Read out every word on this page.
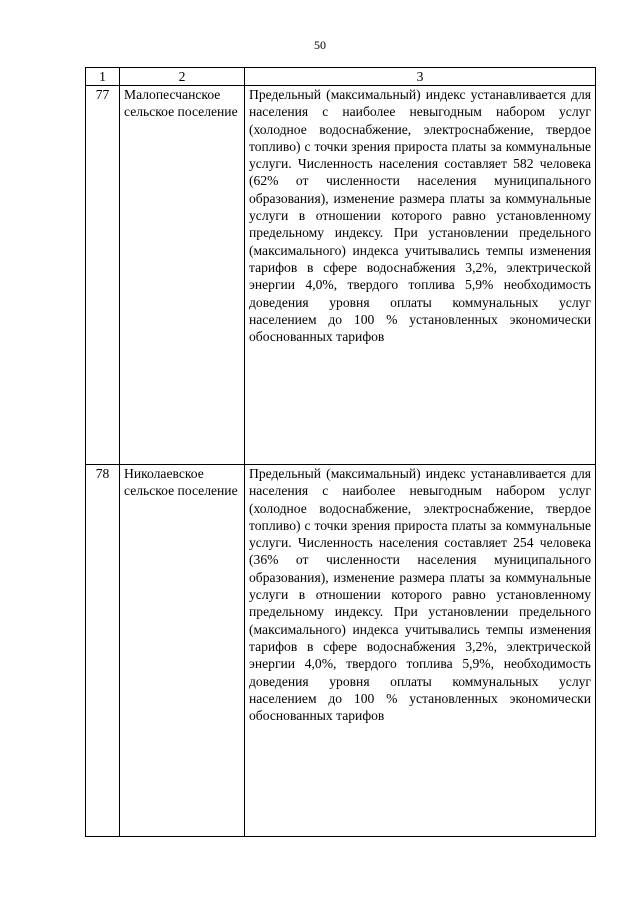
50
1	2	3
77	Малопесчанское сельское поселение	Предельный (максимальный) индекс устанавливается для населения с наиболее невыгодным набором услуг (холодное водоснабжение, электроснабжение, твердое топливо) с точки зрения прироста платы за коммунальные услуги. Численность населения составляет 582 человека (62% от численности населения муниципального образования), изменение размера платы за коммунальные услуги в отношении которого равно установленному предельному индексу. При установлении предельного (максимального) индекса учитывались темпы изменения тарифов в сфере водоснабжения 3,2%, электрической энергии 4,0%, твердого топлива 5,9% необходимость доведения уровня оплаты коммунальных услуг населением до 100 % установленных экономически обоснованных тарифов
78	Николаевское сельское поселение	Предельный (максимальный) индекс устанавливается для населения с наиболее невыгодным набором услуг (холодное водоснабжение, электроснабжение, твердое топливо) с точки зрения прироста платы за коммунальные услуги. Численность населения составляет 254 человека (36% от численности населения муниципального образования), изменение размера платы за коммунальные услуги в отношении которого равно установленному предельному индексу. При установлении предельного (максимального) индекса учитывались темпы изменения тарифов в сфере водоснабжения 3,2%, электрической энергии 4,0%, твердого топлива 5,9%, необходимость доведения уровня оплаты коммунальных услуг населением до 100 % установленных экономически обоснованных тарифов
